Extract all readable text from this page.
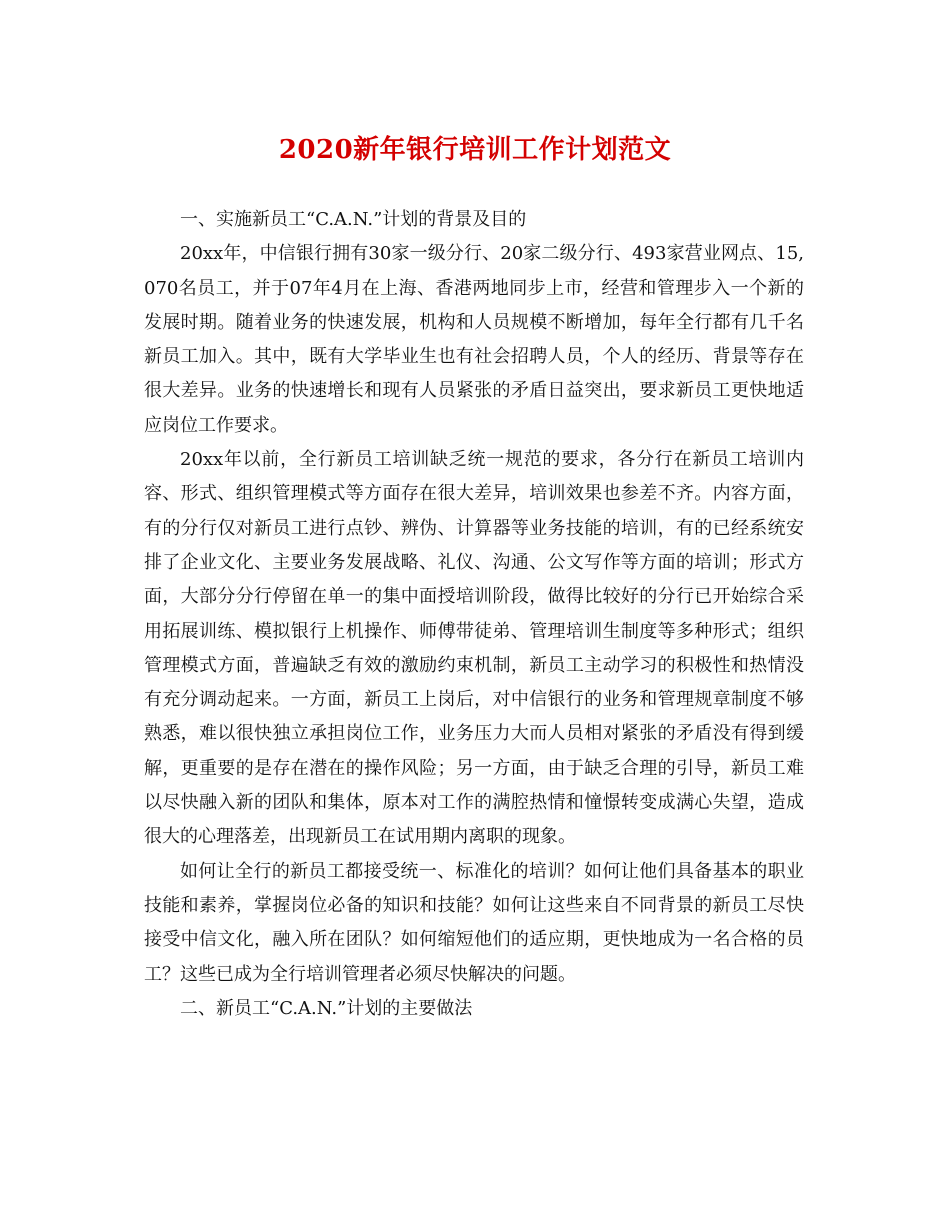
2020新年银行培训工作计划范文

一、实施新员工“C.A.N.”计划的背景及目的

20xx年，中信银行拥有30家一级分行、20家二级分行、493家营业网点、15,070名员工，并于07年4月在上海、香港两地同步上市，经营和管理步入一个新的发展时期。随着业务的快速发展，机构和人员规模不断增加，每年全行都有几千名新员工加入。其中，既有大学毕业生也有社会招聘人员，个人的经历、背景等存在很大差异。业务的快速增长和现有人员紧张的矛盾日益突出，要求新员工更快地适应岗位工作要求。

20xx年以前，全行新员工培训缺乏统一规范的要求，各分行在新员工培训内容、形式、组织管理模式等方面存在很大差异，培训效果也参差不齐。内容方面，有的分行仅对新员工进行点钞、辨伪、计算器等业务技能的培训，有的已经系统安排了企业文化、主要业务发展战略、礼仪、沟通、公文写作等方面的培训；形式方面，大部分分行停留在单一的集中面授培训阶段，做得比较好的分行已开始综合采用拓展训练、模拟银行上机操作、师傅带徒弟、管理培训生制度等多种形式；组织管理模式方面，普遍缺乏有效的激励约束机制，新员工主动学习的积极性和热情没有充分调动起来。一方面，新员工上岗后，对中信银行的业务和管理规章制度不够熟悉，难以很快独立承担岗位工作，业务压力大而人员相对紧张的矛盾没有得到缓解，更重要的是存在潜在的操作风险；另一方面，由于缺乏合理的引导，新员工难以尽快融入新的团队和集体，原本对工作的满腔热情和憧憬转变成满心失望，造成很大的心理落差，出现新员工在试用期内离职的现象。

如何让全行的新员工都接受统一、标准化的培训？如何让他们具备基本的职业技能和素养，掌握岗位必备的知识和技能？如何让这些来自不同背景的新员工尽快接受中信文化，融入所在团队？如何缩短他们的适应期，更快地成为一名合格的员工？这些已成为全行培训管理者必须尽快解决的问题。

二、新员工“C.A.N.”计划的主要做法
